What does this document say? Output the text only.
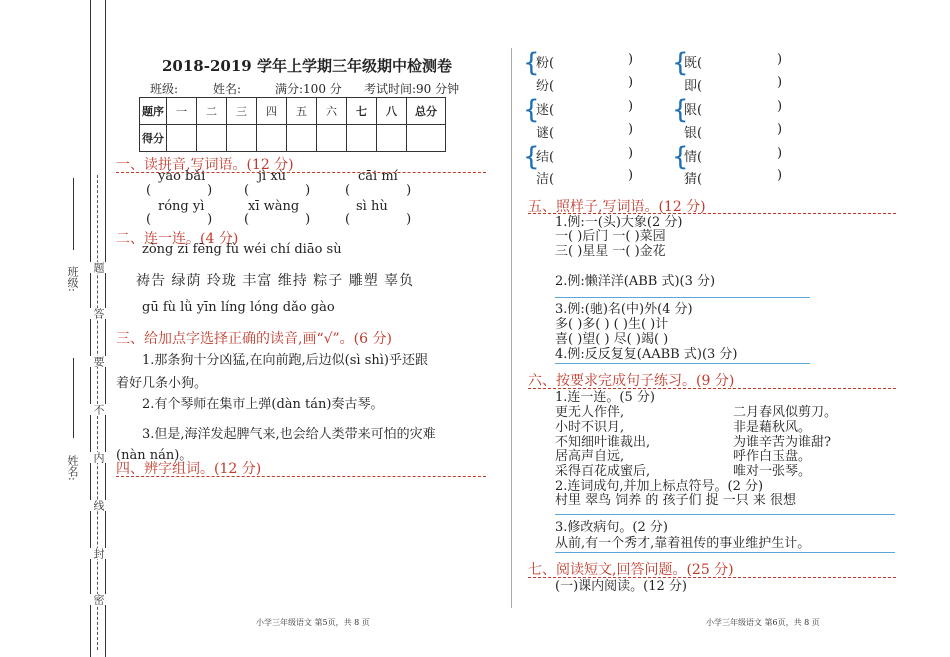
班级:
姓名:
题
答
要
不
内
线
封
密
2018-2019 学年上学期三年级期中检测卷
班级:	姓名:	满分:100 分 考试时间:90 分钟
题序	一	二	三	四	五	六	七	八	总分
得分									
一、读拼音,写词语。(12 分)
yáo bǎi	jì xù	cāi mí
(	) (	)	(	)
róng yì	xī wàng	sì hù
(	) (	)	(	)
二、连一连。(4 分)
zòng zi fēng fù wéi chí diāo sù
祷告 绿荫 玲珑 丰富 维持 粽子 雕塑 辜负
gū fù lǜ yīn líng lóng dǎo gào
三、给加点字选择正确的读音,画“√”。(6 分)
1.那条狗十分凶猛,在向前跑,后边似(sì shì)乎还跟
着好几条小狗。
2.有个琴师在集市上弹(dàn tán)奏古琴。
3.但是,海洋发起脾气来,也会给人类带来可怕的灾难
(nàn nán)。
四、辨字组词。(12 分)
{
粉(	)
纷(	)
{
既(	)
即(	)
{
迷(	)
谜(	)
{
限(	)
银(	)
{
结(	)
洁(	)
{
情(	)
猜(	)
五、照样子,写词语。(12 分)
1.例:一(头)大象(2 分)
一( )后门 一( )菜园
三( )星星 一( )金花
2.例:懒洋洋(ABB 式)(3 分)
3.例:(驰)名(中)外(4 分)
多( )多( ) ( )生( )计
喜( )望( ) 尽( )竭( )
4.例:反反复复(AABB 式)(3 分)
六、按要求完成句子练习。(9 分)
1.连一连。(5 分)
更无人作伴,
小时不识月,
不知细叶谁裁出,
居高声自远,
采得百花成蜜后,
二月春风似剪刀。
非是藉秋风。
为谁辛苦为谁甜?
呼作白玉盘。
唯对一张琴。
2.连词成句,并加上标点符号。(2 分)
村里 翠鸟 饲养 的 孩子们 捉 一只 来 很想
3.修改病句。(2 分)
从前,有一个秀才,靠着祖传的事业维护生计。
七、阅读短文,回答问题。(25 分)
(一)课内阅读。(12 分)
小学三年级语文 第5页，共 8 页	小学三年级语文 第6页，共 8 页
